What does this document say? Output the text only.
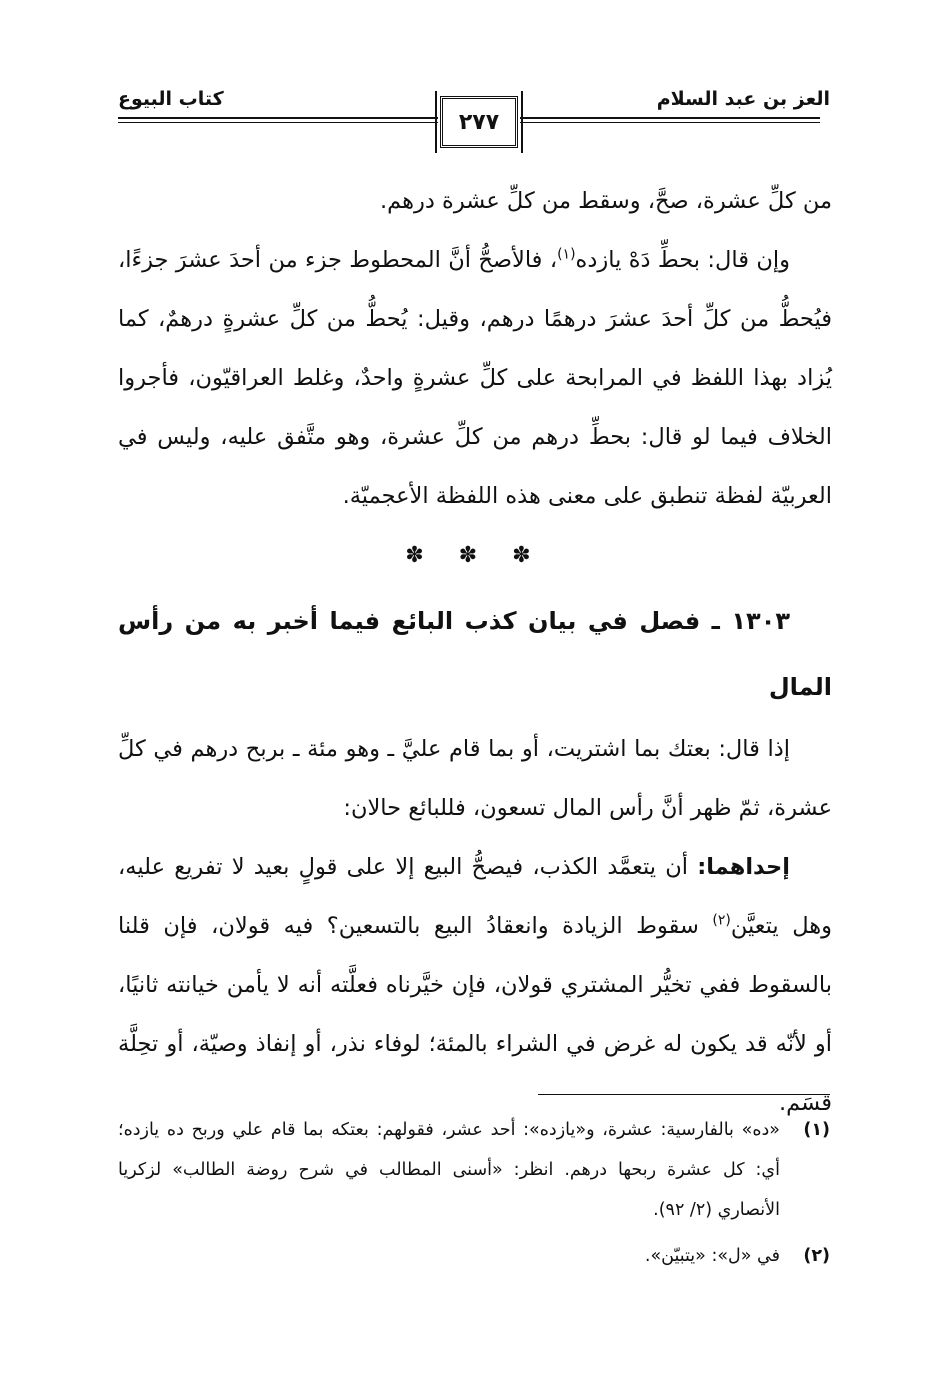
العز بن عبد السلام
كتاب البيوع
٢٧٧

من كلِّ عشرة، صحَّ، وسقط من كلِّ عشرة درهم.

وإن قال: بحطِّ دَهْ يازده$^{(١)}$، فالأصحُّ أنَّ المحطوط جزء من أحدَ عشرَ جزءًا، فيُحطُّ من كلِّ أحدَ عشرَ درهمًا درهم، وقيل: يُحطُّ من كلِّ عشرةٍ درهمٌ، كما يُزاد بهذا اللفظ في المرابحة على كلِّ عشرةٍ واحدٌ، وغلط العراقيّون، فأجروا الخلاف فيما لو قال: بحطِّ درهم من كلِّ عشرة، وهو متَّفق عليه، وليس في العربيّة لفظة تنطبق على معنى هذه اللفظة الأعجميّة.

✽ ✽ ✽

١٣٠٣ ـ فصل في بيان كذب البائع فيما أخبر به من رأس المال

إذا قال: بعتك بما اشتريت، أو بما قام عليَّ ـ وهو مئة ـ بربح درهم في كلِّ عشرة، ثمّ ظهر أنَّ رأس المال تسعون، فللبائع حالان:

إحداهما: أن يتعمَّد الكذب، فيصحُّ البيع إلا على قولٍ بعيد لا تفريع عليه، وهل يتعيَّن$^{(٢)}$ سقوط الزيادة وانعقادُ البيع بالتسعين؟ فيه قولان، فإن قلنا بالسقوط ففي تخيُّر المشتري قولان، فإن خيَّرناه فعلَّته أنه لا يأمن خيانته ثانيًا، أو لأنّه قد يكون له غرض في الشراء بالمئة؛ لوفاء نذر، أو إنفاذ وصيّة، أو تحِلَّة قسَم.

(١)
«ده» بالفارسية: عشرة، و«يازده»: أحد عشر، فقولهم: بعتكه بما قام علي وربح ده يازده؛ أي: كل عشرة ربحها درهم. انظر: «أسنى المطالب في شرح روضة الطالب» لزكريا الأنصاري (٢/ ٩٢).

(٢)
في «ل»: «يتبيّن».
